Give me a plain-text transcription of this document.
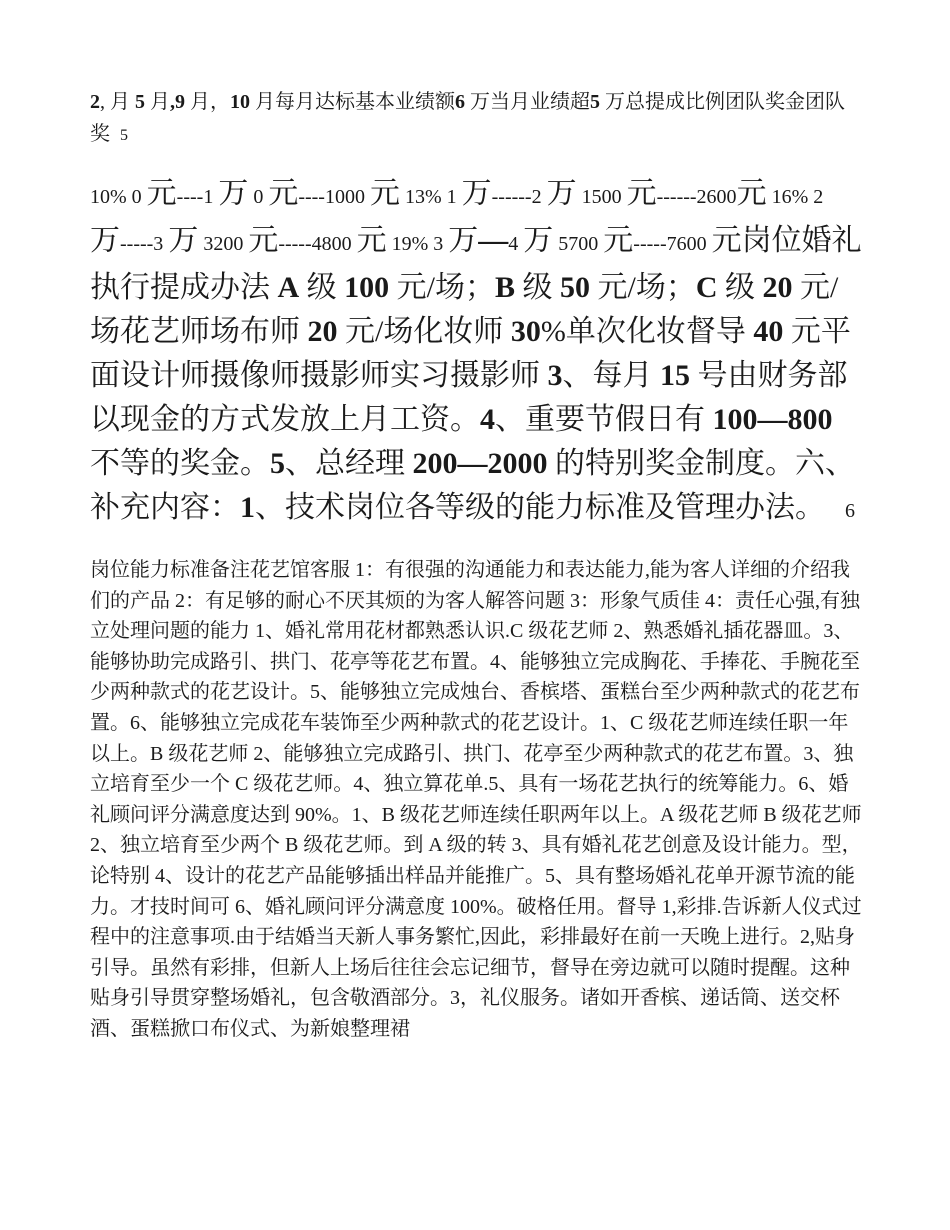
2, 月 5 月,9 月，10 月每月达标基本业绩额6 万当月业绩超5 万总提成比例团队奖金团队奖 5

10% 0 元----1 万 0 元----1000 元 13% 1 万------2 万 1500 元------2600元 16% 2 万-----3 万 3200 元-----4800 元 19% 3 万—4 万 5700 元-----7600 元岗位婚礼执行提成办法 A 级 100 元/场；B 级 50 元/场；C 级 20 元/场花艺师场布师 20 元/场化妆师 30%单次化妆督导 40 元平面设计师摄像师摄影师实习摄影师 3、每月 15 号由财务部以现金的方式发放上月工资。4、重要节假日有 100—800 不等的奖金。5、总经理 200—2000 的特别奖金制度。六、补充内容：1、技术岗位各等级的能力标准及管理办法。 6

岗位能力标准备注花艺馆客服 1：有很强的沟通能力和表达能力,能为客人详细的介绍我们的产品 2：有足够的耐心不厌其烦的为客人解答问题 3：形象气质佳 4：责任心强,有独立处理问题的能力 1、婚礼常用花材都熟悉认识.C 级花艺师 2、熟悉婚礼插花器皿。3、能够协助完成路引、拱门、花亭等花艺布置。4、能够独立完成胸花、手捧花、手腕花至少两种款式的花艺设计。5、能够独立完成烛台、香槟塔、蛋糕台至少两种款式的花艺布置。6、能够独立完成花车装饰至少两种款式的花艺设计。1、C 级花艺师连续任职一年以上。B 级花艺师 2、能够独立完成路引、拱门、花亭至少两种款式的花艺布置。3、独立培育至少一个 C 级花艺师。4、独立算花单.5、具有一场花艺执行的统筹能力。6、婚礼顾问评分满意度达到 90%。1、B 级花艺师连续任职两年以上。A 级花艺师 B 级花艺师 2、独立培育至少两个 B 级花艺师。到 A 级的转 3、具有婚礼花艺创意及设计能力。型，论特别 4、设计的花艺产品能够插出样品并能推广。5、具有整场婚礼花单开源节流的能力。才技时间可 6、婚礼顾问评分满意度 100%。破格任用。督导 1,彩排.告诉新人仪式过程中的注意事项.由于结婚当天新人事务繁忙,因此，彩排最好在前一天晚上进行。2,贴身引导。虽然有彩排，但新人上场后往往会忘记细节，督导在旁边就可以随时提醒。这种贴身引导贯穿整场婚礼，包含敬酒部分。3，礼仪服务。诸如开香槟、递话筒、送交杯酒、蛋糕掀口布仪式、为新娘整理裙
